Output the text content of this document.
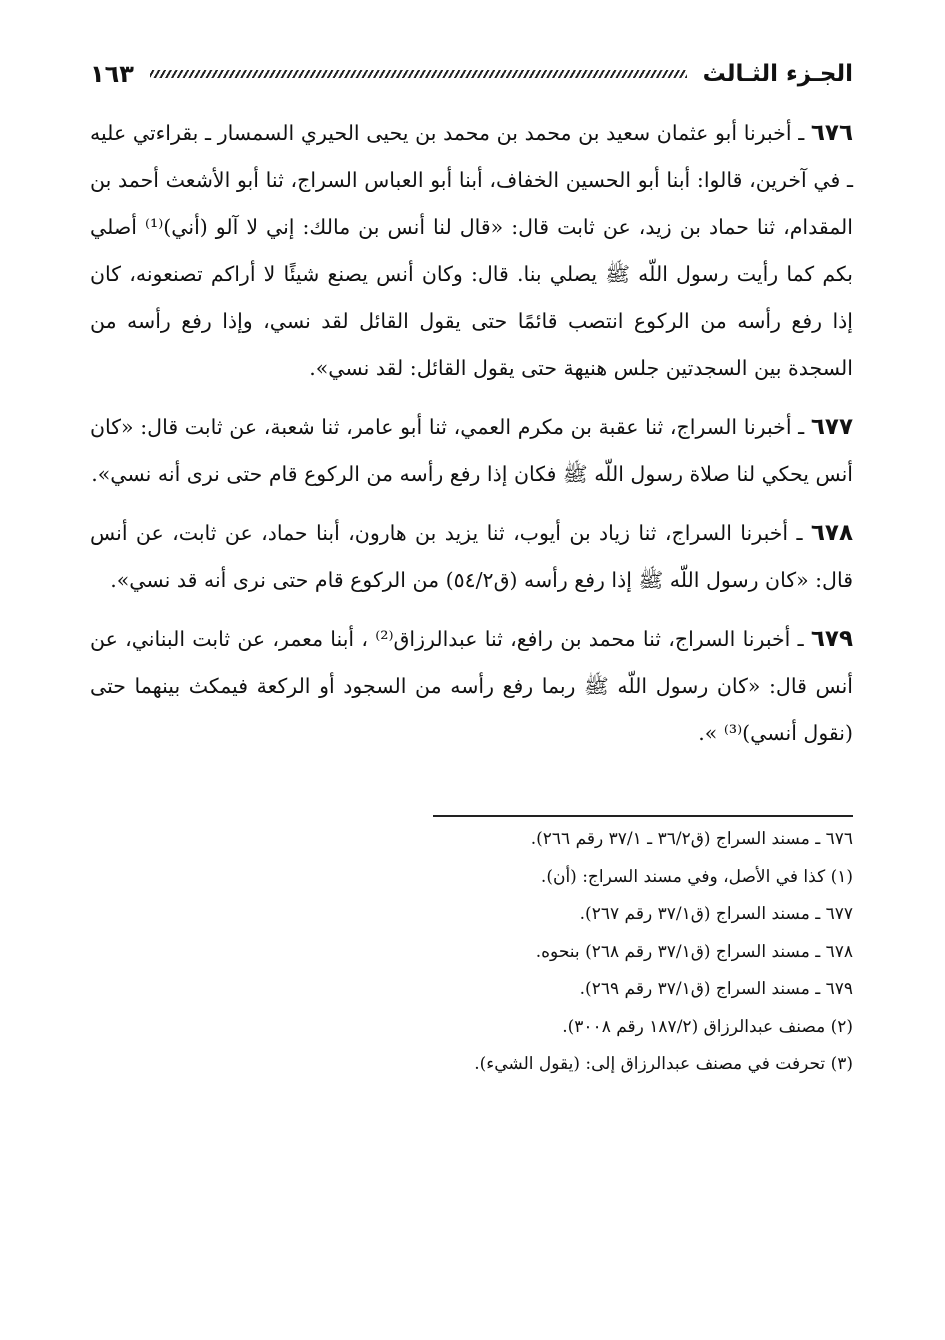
الجـزء الثـالث
١٦٣

٦٧٦ ـ أخبرنا أبو عثمان سعيد بن محمد بن محمد بن يحيى الحيري السمسار ـ بقراءتي عليه ـ في آخرين، قالوا: أبنا أبو الحسين الخفاف، أبنا أبو العباس السراج، ثنا أبو الأشعث أحمد بن المقدام، ثنا حماد بن زيد، عن ثابت قال: «قال لنا أنس بن مالك: إني لا آلو (أني)⁽¹⁾ أصلي بكم كما رأيت رسول اللّه ﷺ يصلي بنا. قال: وكان أنس يصنع شيئًا لا أراكم تصنعونه، كان إذا رفع رأسه من الركوع انتصب قائمًا حتى يقول القائل لقد نسي، وإذا رفع رأسه من السجدة بين السجدتين جلس هنيهة حتى يقول القائل: لقد نسي».

٦٧٧ ـ أخبرنا السراج، ثنا عقبة بن مكرم العمي، ثنا أبو عامر، ثنا شعبة، عن ثابت قال: «كان أنس يحكي لنا صلاة رسول اللّه ﷺ فكان إذا رفع رأسه من الركوع قام حتى نرى أنه نسي».

٦٧٨ ـ أخبرنا السراج، ثنا زياد بن أيوب، ثنا يزيد بن هارون، أبنا حماد، عن ثابت، عن أنس قال: «كان رسول اللّه ﷺ إذا رفع رأسه (ق٥٤/٢) من الركوع قام حتى نرى أنه قد نسي».

٦٧٩ ـ أخبرنا السراج، ثنا محمد بن رافع، ثنا عبدالرزاق⁽²⁾ ، أبنا معمر، عن ثابت البناني، عن أنس قال: «كان رسول اللّه ﷺ ربما رفع رأسه من السجود أو الركعة فيمكث بينهما حتى (نقول أنسي)⁽³⁾ ».

٦٧٦ ـ مسند السراج (ق٣٦/٢ ـ ٣٧/١ رقم ٢٦٦).
(١) كذا في الأصل، وفي مسند السراج: (أن).
٦٧٧ ـ مسند السراج (ق٣٧/١ رقم ٢٦٧).
٦٧٨ ـ مسند السراج (ق٣٧/١ رقم ٢٦٨) بنحوه.
٦٧٩ ـ مسند السراج (ق٣٧/١ رقم ٢٦٩).
(٢) مصنف عبدالرزاق (١٨٧/٢ رقم ٣٠٠٨).
(٣) تحرفت في مصنف عبدالرزاق إلى: (يقول الشيء).
